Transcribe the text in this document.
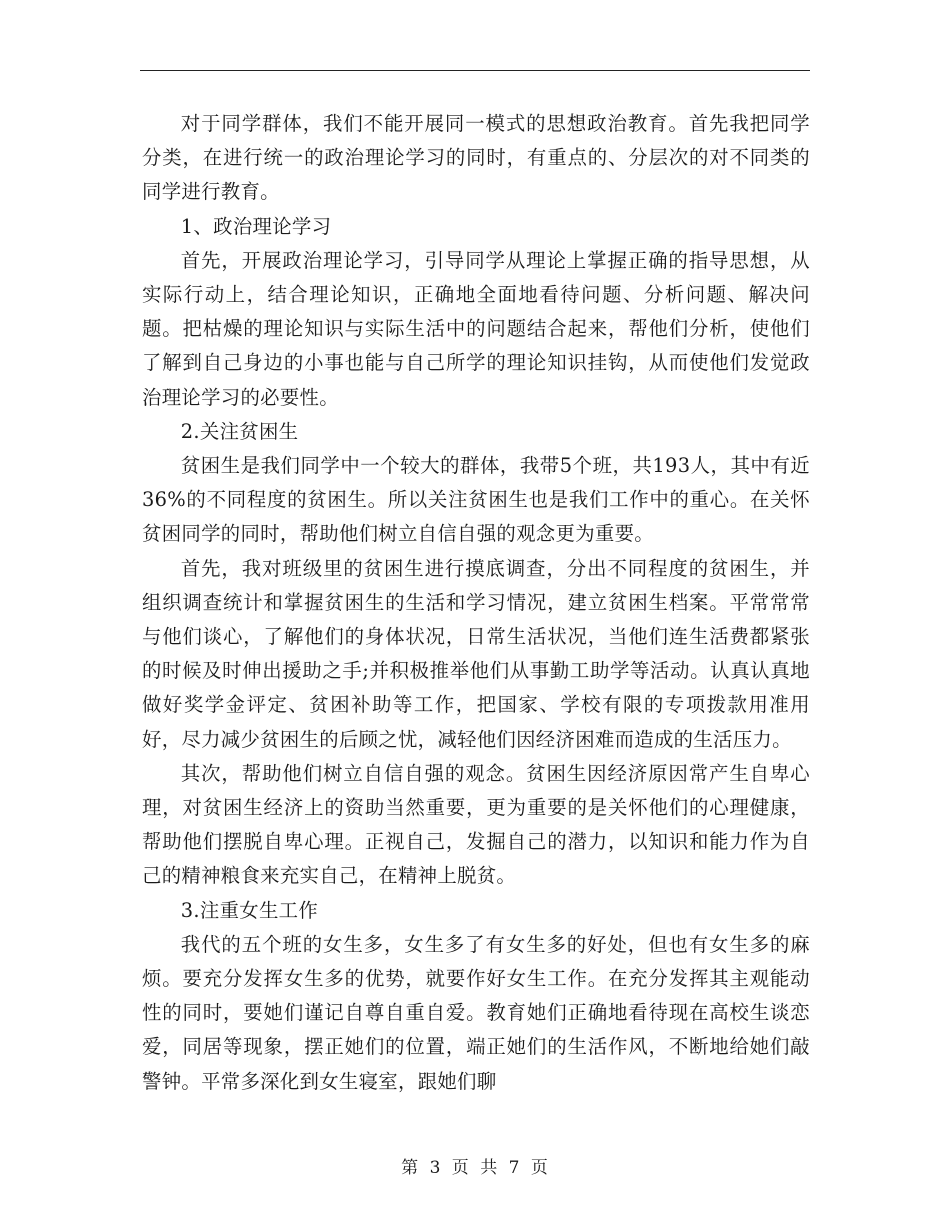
对于同学群体，我们不能开展同一模式的思想政治教育。首先我把同学分类，在进行统一的政治理论学习的同时，有重点的、分层次的对不同类的同学进行教育。

1、政治理论学习

首先，开展政治理论学习，引导同学从理论上掌握正确的指导思想，从实际行动上，结合理论知识，正确地全面地看待问题、分析问题、解决问题。把枯燥的理论知识与实际生活中的问题结合起来，帮他们分析，使他们了解到自己身边的小事也能与自己所学的理论知识挂钩，从而使他们发觉政治理论学习的必要性。

2.关注贫困生

贫困生是我们同学中一个较大的群体，我带5个班，共193人，其中有近36%的不同程度的贫困生。所以关注贫困生也是我们工作中的重心。在关怀贫困同学的同时，帮助他们树立自信自强的观念更为重要。

首先，我对班级里的贫困生进行摸底调查，分出不同程度的贫困生，并组织调查统计和掌握贫困生的生活和学习情况，建立贫困生档案。平常常常与他们谈心，了解他们的身体状况，日常生活状况，当他们连生活费都紧张的时候及时伸出援助之手;并积极推举他们从事勤工助学等活动。认真认真地做好奖学金评定、贫困补助等工作，把国家、学校有限的专项拨款用准用好，尽力减少贫困生的后顾之忧，减轻他们因经济困难而造成的生活压力。

其次，帮助他们树立自信自强的观念。贫困生因经济原因常产生自卑心理，对贫困生经济上的资助当然重要，更为重要的是关怀他们的心理健康，帮助他们摆脱自卑心理。正视自己，发掘自己的潜力，以知识和能力作为自己的精神粮食来充实自己，在精神上脱贫。

3.注重女生工作

我代的五个班的女生多，女生多了有女生多的好处，但也有女生多的麻烦。要充分发挥女生多的优势，就要作好女生工作。在充分发挥其主观能动性的同时，要她们谨记自尊自重自爱。教育她们正确地看待现在高校生谈恋爱，同居等现象，摆正她们的位置，端正她们的生活作风，不断地给她们敲警钟。平常多深化到女生寝室，跟她们聊

第 3 页 共 7 页
